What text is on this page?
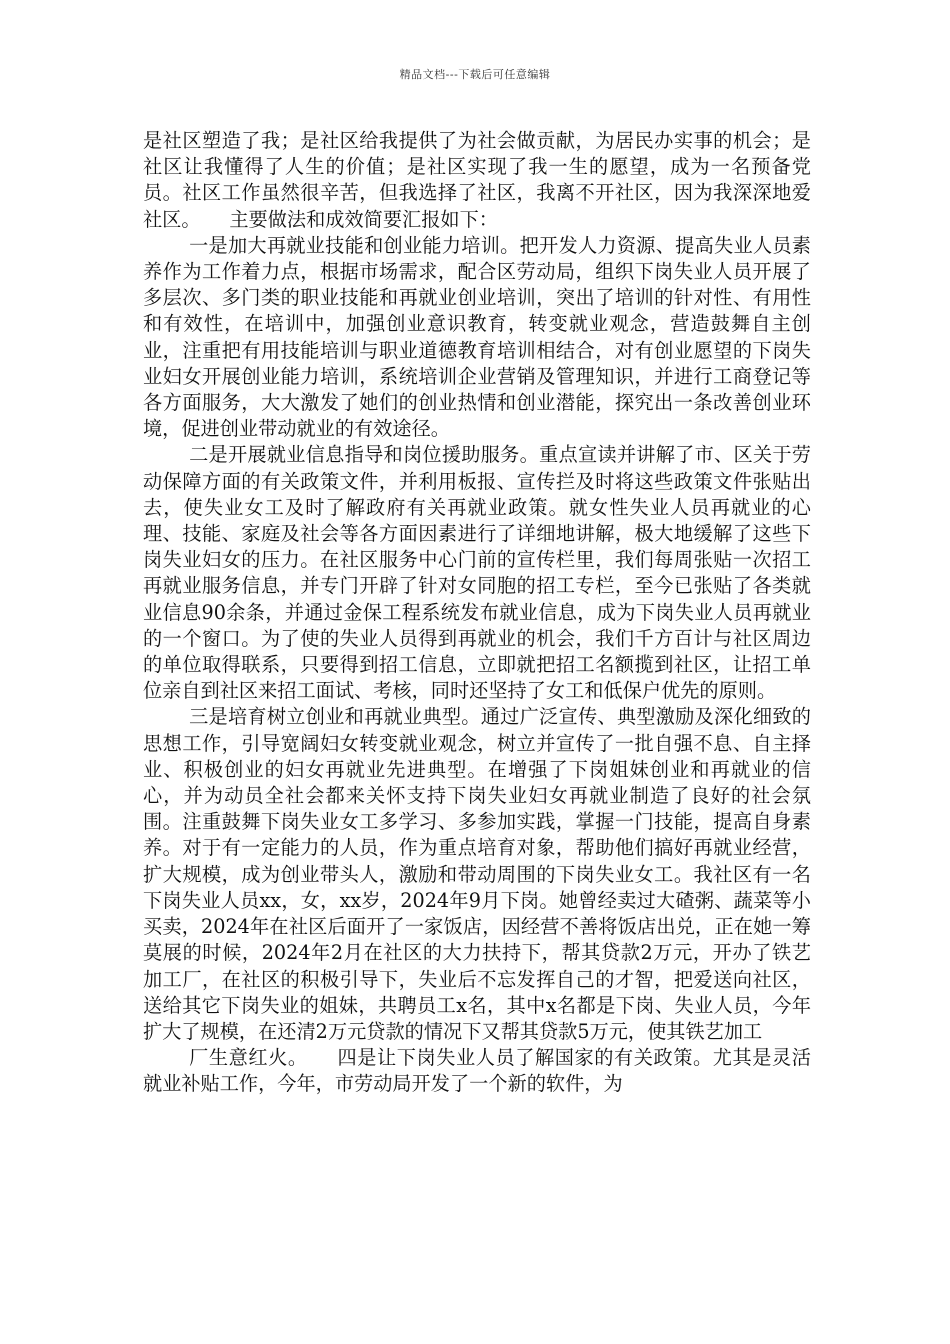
精品文档---下载后可任意编辑

是社区塑造了我；是社区给我提供了为社会做贡献，为居民办实事的机会；是社区让我懂得了人生的价值；是社区实现了我一生的愿望，成为一名预备党员。社区工作虽然很辛苦，但我选择了社区，我离不开社区，因为我深深地爱社区。　　主要做法和成效简要汇报如下：

一是加大再就业技能和创业能力培训。把开发人力资源、提高失业人员素养作为工作着力点，根据市场需求，配合区劳动局，组织下岗失业人员开展了多层次、多门类的职业技能和再就业创业培训，突出了培训的针对性、有用性和有效性，在培训中，加强创业意识教育，转变就业观念，营造鼓舞自主创业，注重把有用技能培训与职业道德教育培训相结合，对有创业愿望的下岗失业妇女开展创业能力培训，系统培训企业营销及管理知识，并进行工商登记等各方面服务，大大激发了她们的创业热情和创业潜能，探究出一条改善创业环境，促进创业带动就业的有效途径。

二是开展就业信息指导和岗位援助服务。重点宣读并讲解了市、区关于劳动保障方面的有关政策文件，并利用板报、宣传拦及时将这些政策文件张贴出去，使失业女工及时了解政府有关再就业政策。就女性失业人员再就业的心理、技能、家庭及社会等各方面因素进行了详细地讲解，极大地缓解了这些下岗失业妇女的压力。在社区服务中心门前的宣传栏里，我们每周张贴一次招工再就业服务信息，并专门开辟了针对女同胞的招工专栏，至今已张贴了各类就业信息90余条，并通过金保工程系统发布就业信息，成为下岗失业人员再就业的一个窗口。为了使的失业人员得到再就业的机会，我们千方百计与社区周边的单位取得联系，只要得到招工信息，立即就把招工名额揽到社区，让招工单位亲自到社区来招工面试、考核，同时还坚持了女工和低保户优先的原则。

三是培育树立创业和再就业典型。通过广泛宣传、典型激励及深化细致的思想工作，引导宽阔妇女转变就业观念，树立并宣传了一批自强不息、自主择业、积极创业的妇女再就业先进典型。在增强了下岗姐妹创业和再就业的信心，并为动员全社会都来关怀支持下岗失业妇女再就业制造了良好的社会氛围。注重鼓舞下岗失业女工多学习、多参加实践，掌握一门技能，提高自身素养。对于有一定能力的人员，作为重点培育对象，帮助他们搞好再就业经营，扩大规模，成为创业带头人，激励和带动周围的下岗失业女工。我社区有一名下岗失业人员xx，女，xx岁，2024年9月下岗。她曾经卖过大碴粥、蔬菜等小买卖，2024年在社区后面开了一家饭店，因经营不善将饭店出兑，正在她一筹莫展的时候，2024年2月在社区的大力扶持下，帮其贷款2万元，开办了铁艺加工厂，在社区的积极引导下，失业后不忘发挥自己的才智，把爱送向社区，送给其它下岗失业的姐妹，共聘员工x名，其中x名都是下岗、失业人员，今年扩大了规模，在还清2万元贷款的情况下又帮其贷款5万元，使其铁艺加工

厂生意红火。　　四是让下岗失业人员了解国家的有关政策。尤其是灵活就业补贴工作，今年，市劳动局开发了一个新的软件，为
